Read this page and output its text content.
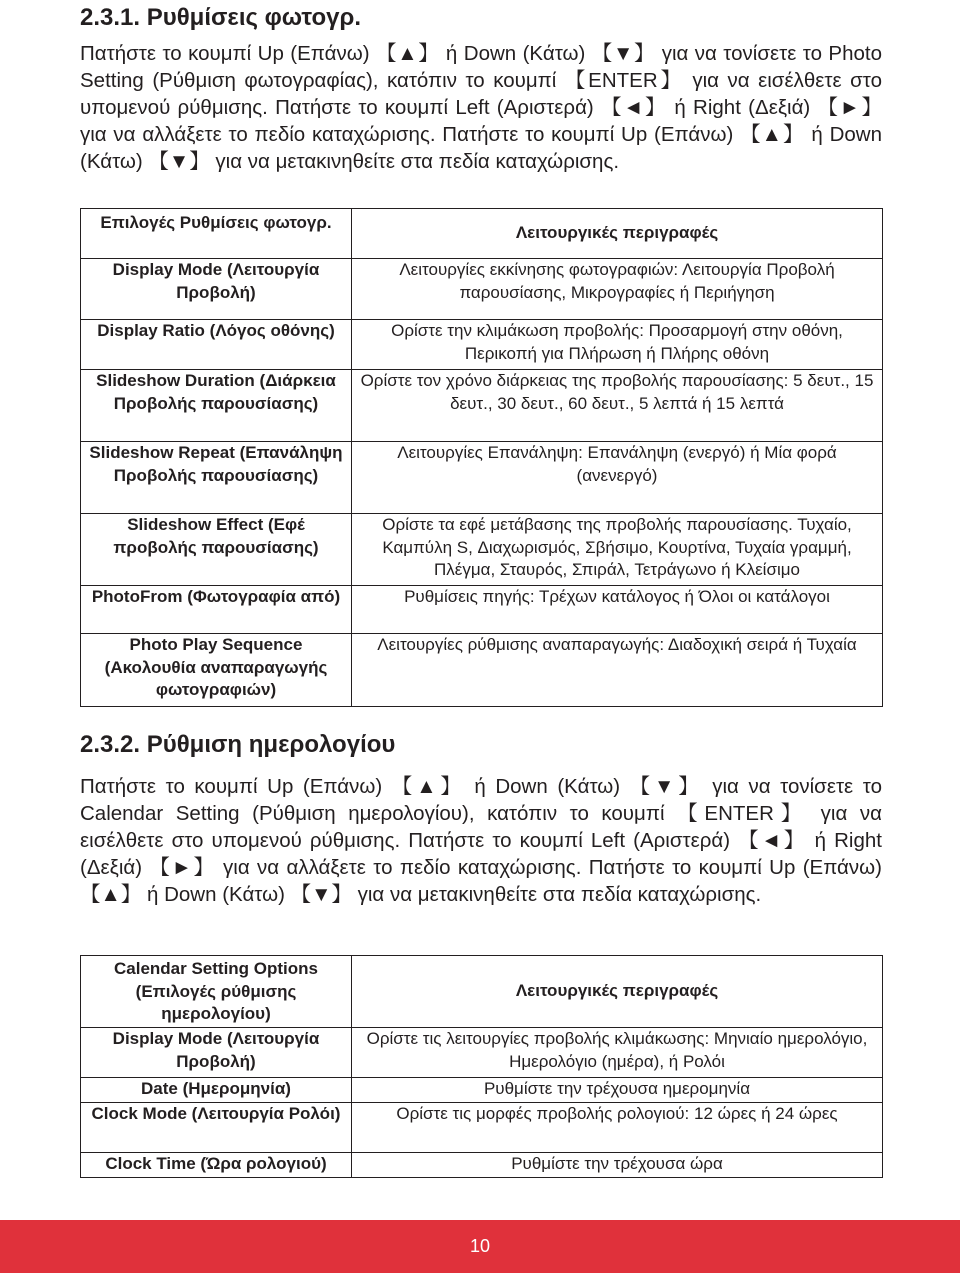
2.3.1. Ρυθμίσεις φωτογρ.

Πατήστε το κουμπί Up (Επάνω) 【▲】 ή Down (Κάτω) 【▼】 για να τονίσετε το Photo Setting (Ρύθμιση φωτογραφίας), κατόπιν το κουμπί 【ENTER】 για να εισέλθετε στο υπομενού ρύθμισης. Πατήστε το κουμπί Left (Αριστερά) 【◄】 ή Right (Δεξιά) 【►】 για να αλλάξετε το πεδίο καταχώρισης. Πατήστε το κουμπί Up (Επάνω) 【▲】 ή Down (Κάτω) 【▼】 για να μετακινηθείτε στα πεδία καταχώρισης.

Επιλογές Ρυθμίσεις φωτογρ.	Λειτουργικές περιγραφές
Display Mode (Λειτουργία Προβολή)	Λειτουργίες εκκίνησης φωτογραφιών: Λειτουργία Προβολή παρουσίασης, Μικρογραφίες ή Περιήγηση
Display Ratio (Λόγος οθόνης)	Ορίστε την κλιμάκωση προβολής: Προσαρμογή στην οθόνη, Περικοπή για Πλήρωση ή Πλήρης οθόνη
Slideshow Duration (Διάρκεια Προβολής παρουσίασης)	Ορίστε τον χρόνο διάρκειας της προβολής παρουσίασης: 5 δευτ., 15 δευτ., 30 δευτ., 60 δευτ., 5 λεπτά ή 15 λεπτά
Slideshow Repeat (Επανάληψη Προβολής παρουσίασης)	Λειτουργίες Επανάληψη: Επανάληψη (ενεργό) ή Μία φορά (ανενεργό)
Slideshow Effect (Εφέ προβολής παρουσίασης)	Ορίστε τα εφέ μετάβασης της προβολής παρουσίασης. Τυχαίο, Καμπύλη S, Διαχωρισμός, Σβήσιμο, Κουρτίνα, Τυχαία γραμμή, Πλέγμα, Σταυρός, Σπιράλ, Τετράγωνο ή Κλείσιμο
PhotoFrom (Φωτογραφία από)	Ρυθμίσεις πηγής: Τρέχων κατάλογος ή Όλοι οι κατάλογοι
Photo Play Sequence (Ακολουθία αναπαραγωγής φωτογραφιών)	Λειτουργίες ρύθμισης αναπαραγωγής: Διαδοχική σειρά ή Τυχαία
2.3.2. Ρύθμιση ημερολογίου

Πατήστε το κουμπί Up (Επάνω) 【▲】 ή Down (Κάτω) 【▼】 για να τονίσετε το Calendar Setting (Ρύθμιση ημερολογίου), κατόπιν το κουμπί 【ENTER】 για να εισέλθετε στο υπομενού ρύθμισης. Πατήστε το κουμπί Left (Αριστερά) 【◄】 ή Right (Δεξιά) 【►】 για να αλλάξετε το πεδίο καταχώρισης. Πατήστε το κουμπί Up (Επάνω) 【▲】 ή Down (Κάτω) 【▼】 για να μετακινηθείτε στα πεδία καταχώρισης.

Calendar Setting Options (Επιλογές ρύθμισης ημερολογίου)	Λειτουργικές περιγραφές
Display Mode (Λειτουργία Προβολή)	Ορίστε τις λειτουργίες προβολής κλιμάκωσης: Μηνιαίο ημερολόγιο, Ημερολόγιο (ημέρα), ή Ρολόι
Date (Ημερομηνία)	Ρυθμίστε την τρέχουσα ημερομηνία
Clock Mode (Λειτουργία Ρολόι)	Ορίστε τις μορφές προβολής ρολογιού: 12 ώρες ή 24 ώρες
Clock Time (Ώρα ρολογιού)	Ρυθμίστε την τρέχουσα ώρα
10
